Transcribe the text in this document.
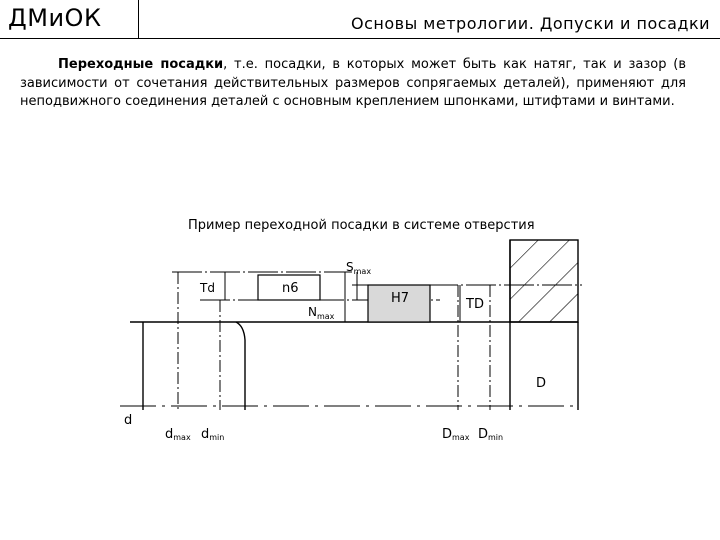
ДМиОК	Основы метрологии. Допуски и посадки
Переходные посадки, т.е. посадки, в которых может быть как натяг, так и зазор (в зависимости от сочетания действительных размеров сопрягаемых деталей), применяют для неподвижного соединения деталей с основным креплением шпонками, штифтами и винтами.
Пример переходной посадки в системе отверстия
Td	n6
$S_{max}$
$N_{max}$
H7	TD
D
d
dmax dmin	Dmax Dmin
